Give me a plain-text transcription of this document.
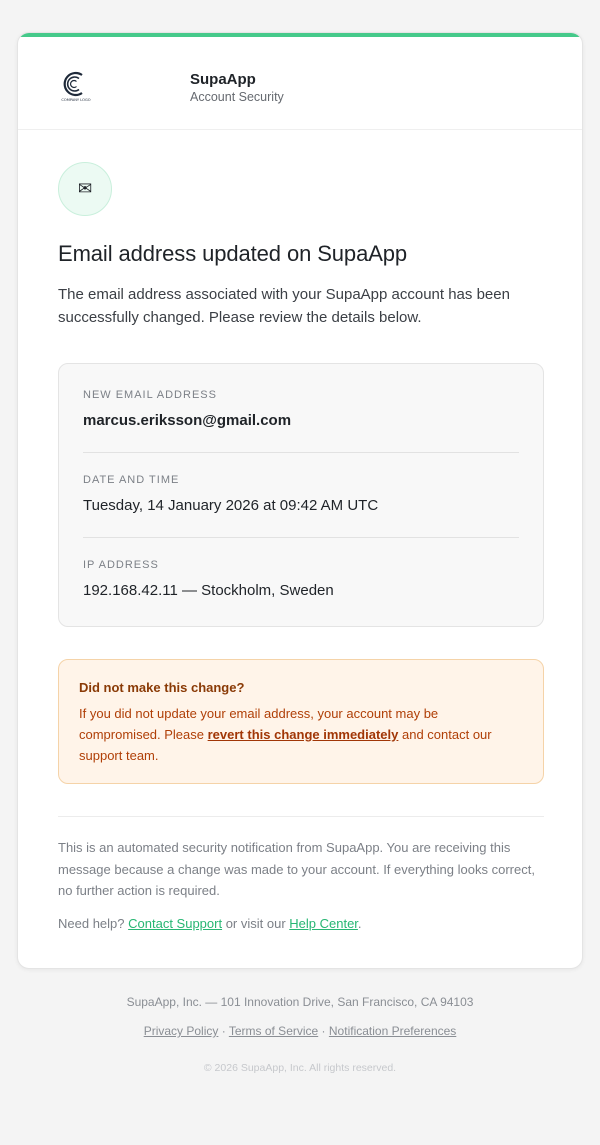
COMPANY LOGO
SupaApp
Account Security
✉
Email address updated on SupaApp
The email address associated with your SupaApp account has been successfully changed. Please review the details below.
NEW EMAIL ADDRESS
marcus.eriksson@gmail.com
DATE AND TIME
Tuesday, 14 January 2026 at 09:42 AM UTC
IP ADDRESS
192.168.42.11 — Stockholm, Sweden
Did not make this change?
If you did not update your email address, your account may be compromised. Please revert this change immediately and contact our support team.
This is an automated security notification from SupaApp. You are receiving this message because a change was made to your account. If everything looks correct, no further action is required.
Need help? Contact Support or visit our Help Center.
SupaApp, Inc. — 101 Innovation Drive, San Francisco, CA 94103
Privacy Policy · Terms of Service · Notification Preferences
© 2026 SupaApp, Inc. All rights reserved.
